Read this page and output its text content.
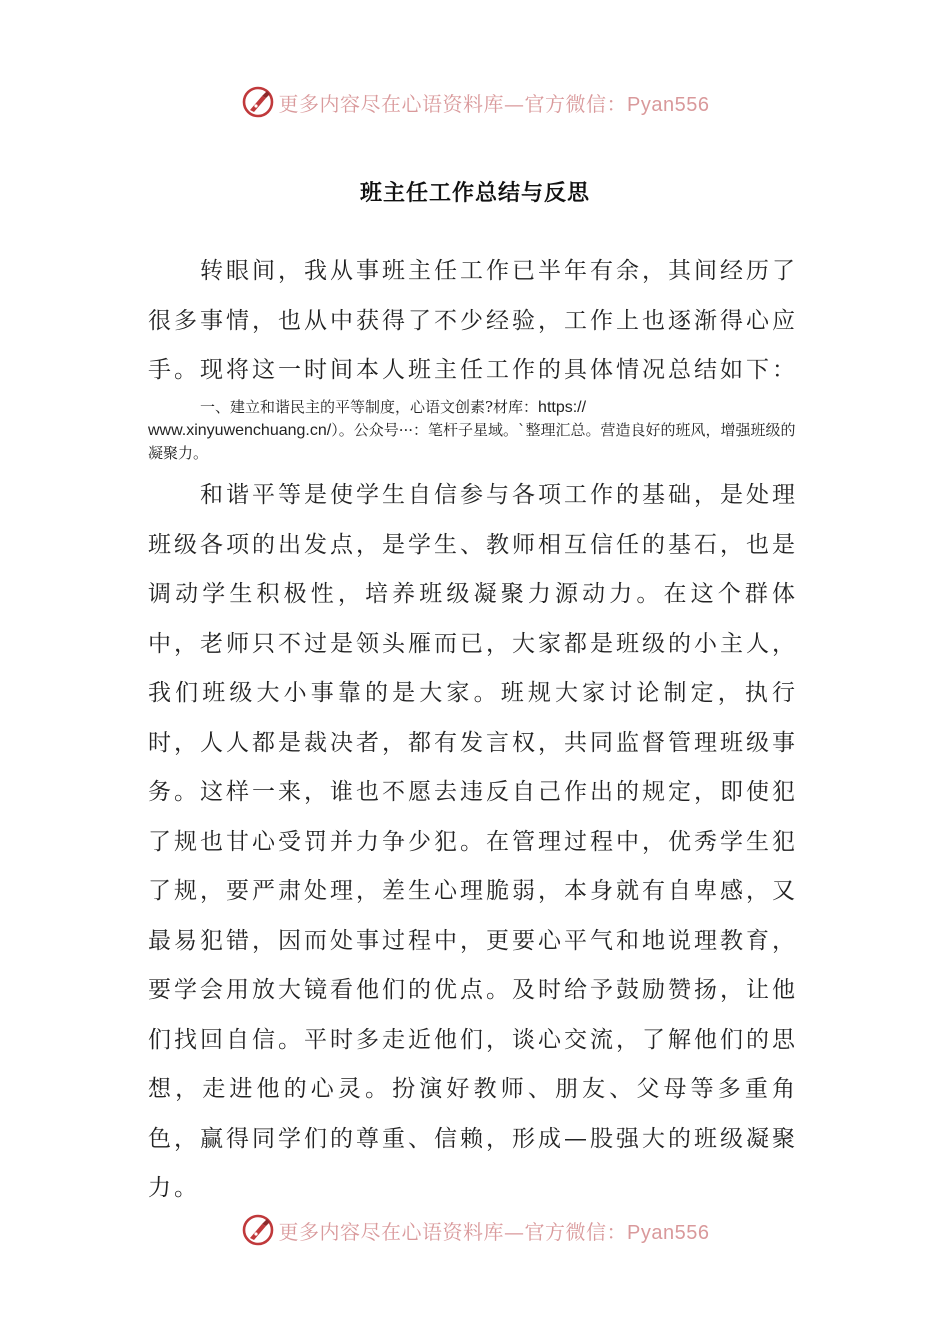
更多内容尽在心语资料库—官方微信：Pyan556
班主任工作总结与反思

转眼间，我从事班主任工作已半年有余，其间经历了很多事情，也从中获得了不少经验，工作上也逐渐得心应手。现将这一时间本人班主任工作的具体情况总结如下：

一、建立和谐民主的平等制度，心语文创素?材库：https://
www.xinyuwenchuang.cn/）。公众号···：笔杆子星域。`整理汇总。营造良好的班风，增强班级的凝聚力。

和谐平等是使学生自信参与各项工作的基础，是处理班级各项的出发点，是学生、教师相互信任的基石，也是调动学生积极性，培养班级凝聚力源动力。在这个群体中，老师只不过是领头雁而已，大家都是班级的小主人，我们班级大小事靠的是大家。班规大家讨论制定，执行时，人人都是裁决者，都有发言权，共同监督管理班级事务。这样一来，谁也不愿去违反自己作出的规定，即使犯了规也甘心受罚并力争少犯。在管理过程中，优秀学生犯了规，要严肃处理，差生心理脆弱，本身就有自卑感，又最易犯错，因而处事过程中，更要心平气和地说理教育，要学会用放大镜看他们的优点。及时给予鼓励赞扬，让他们找回自信。平时多走近他们，谈心交流，了解他们的思想，走进他的心灵。扮演好教师、朋友、父母等多重角色，赢得同学们的尊重、信赖，形成—股强大的班级凝聚力。

更多内容尽在心语资料库—官方微信：Pyan556
